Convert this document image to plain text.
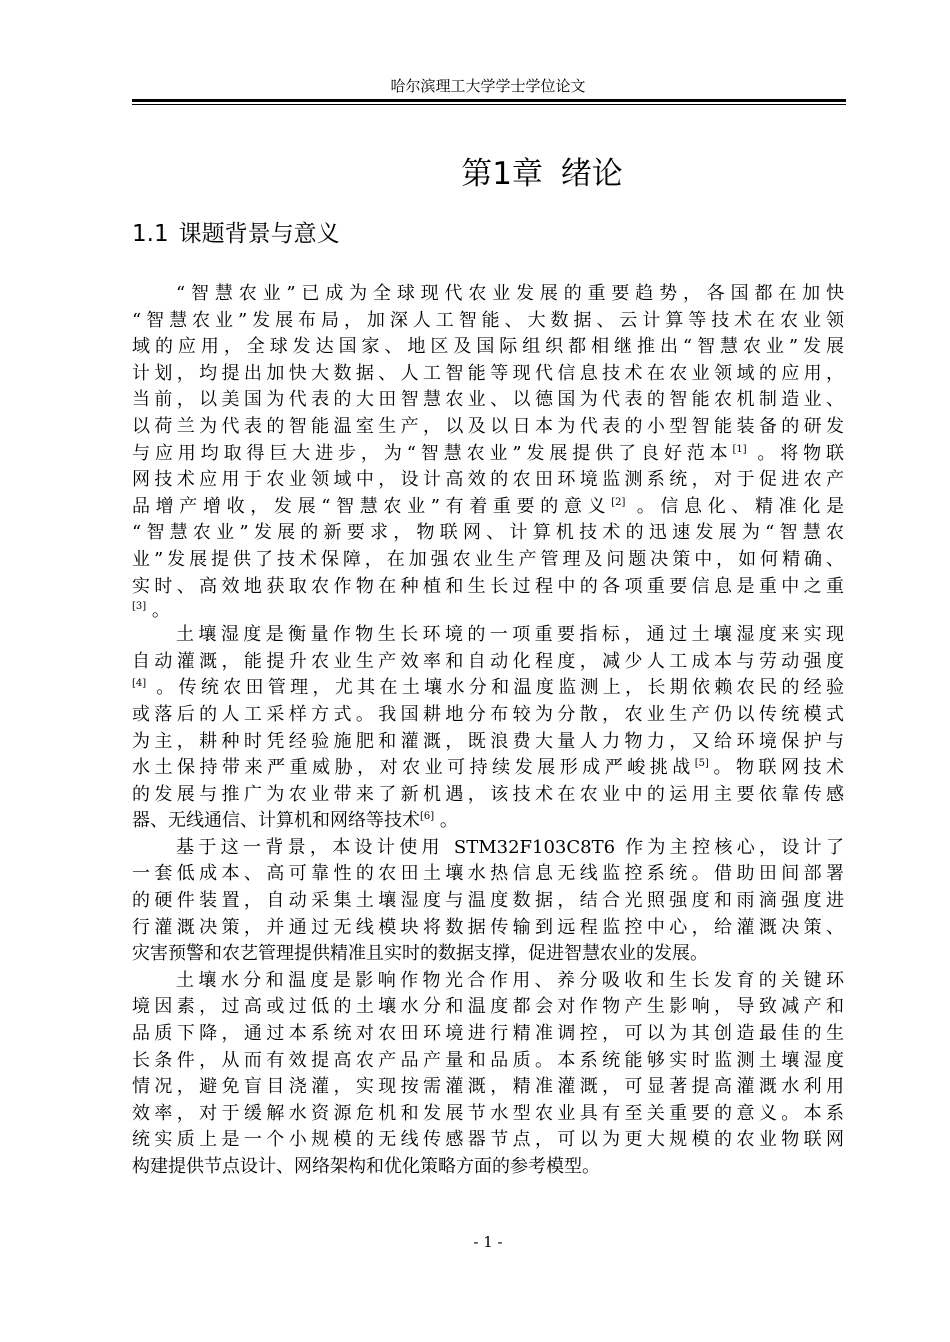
哈尔滨理工大学学士学位论文
第1章 绪论
1.1 课题背景与意义
“智慧农业”已成为全球现代农业发展的重要趋势，各国都在加快
“智慧农业”发展布局，加深人工智能、大数据、云计算等技术在农业领
域的应用，全球发达国家、地区及国际组织都相继推出“智慧农业”发展
计划，均提出加快大数据、人工智能等现代信息技术在农业领域的应用，
当前，以美国为代表的大田智慧农业、以德国为代表的智能农机制造业、
以荷兰为代表的智能温室生产，以及以日本为代表的小型智能装备的研发
与应用均取得巨大进步，为“智慧农业”发展提供了良好范本[1] 。将物联
网技术应用于农业领域中，设计高效的农田环境监测系统，对于促进农产
品增产增收，发展“智慧农业”有着重要的意义[2] 。信息化、精准化是
“智慧农业”发展的新要求，物联网、计算机技术的迅速发展为“智慧农
业”发展提供了技术保障，在加强农业生产管理及问题决策中，如何精确、
实时、高效地获取农作物在种植和生长过程中的各项重要信息是重中之重
[3] 。
土壤湿度是衡量作物生长环境的一项重要指标，通过土壤湿度来实现
自动灌溉，能提升农业生产效率和自动化程度，减少人工成本与劳动强度
[4] 。传统农田管理，尤其在土壤水分和温度监测上，长期依赖农民的经验
或落后的人工采样方式。我国耕地分布较为分散，农业生产仍以传统模式
为主，耕种时凭经验施肥和灌溉，既浪费大量人力物力，又给环境保护与
水土保持带来严重威胁，对农业可持续发展形成严峻挑战[5]。物联网技术
的发展与推广为农业带来了新机遇，该技术在农业中的运用主要依靠传感
器、无线通信、计算机和网络等技术[6] 。
基于这一背景，本设计使用 STM32F103C8T6 作为主控核心，设计了
一套低成本、高可靠性的农田土壤水热信息无线监控系统。借助田间部署
的硬件装置，自动采集土壤湿度与温度数据，结合光照强度和雨滴强度进
行灌溉决策，并通过无线模块将数据传输到远程监控中心，给灌溉决策、
灾害预警和农艺管理提供精准且实时的数据支撑，促进智慧农业的发展。
土壤水分和温度是影响作物光合作用、养分吸收和生长发育的关键环
境因素，过高或过低的土壤水分和温度都会对作物产生影响，导致减产和
品质下降，通过本系统对农田环境进行精准调控，可以为其创造最佳的生
长条件，从而有效提高农产品产量和品质。本系统能够实时监测土壤湿度
情况，避免盲目浇灌，实现按需灌溉，精准灌溉，可显著提高灌溉水利用
效率，对于缓解水资源危机和发展节水型农业具有至关重要的意义。本系
统实质上是一个小规模的无线传感器节点，可以为更大规模的农业物联网
构建提供节点设计、网络架构和优化策略方面的参考模型。
- 1 -
